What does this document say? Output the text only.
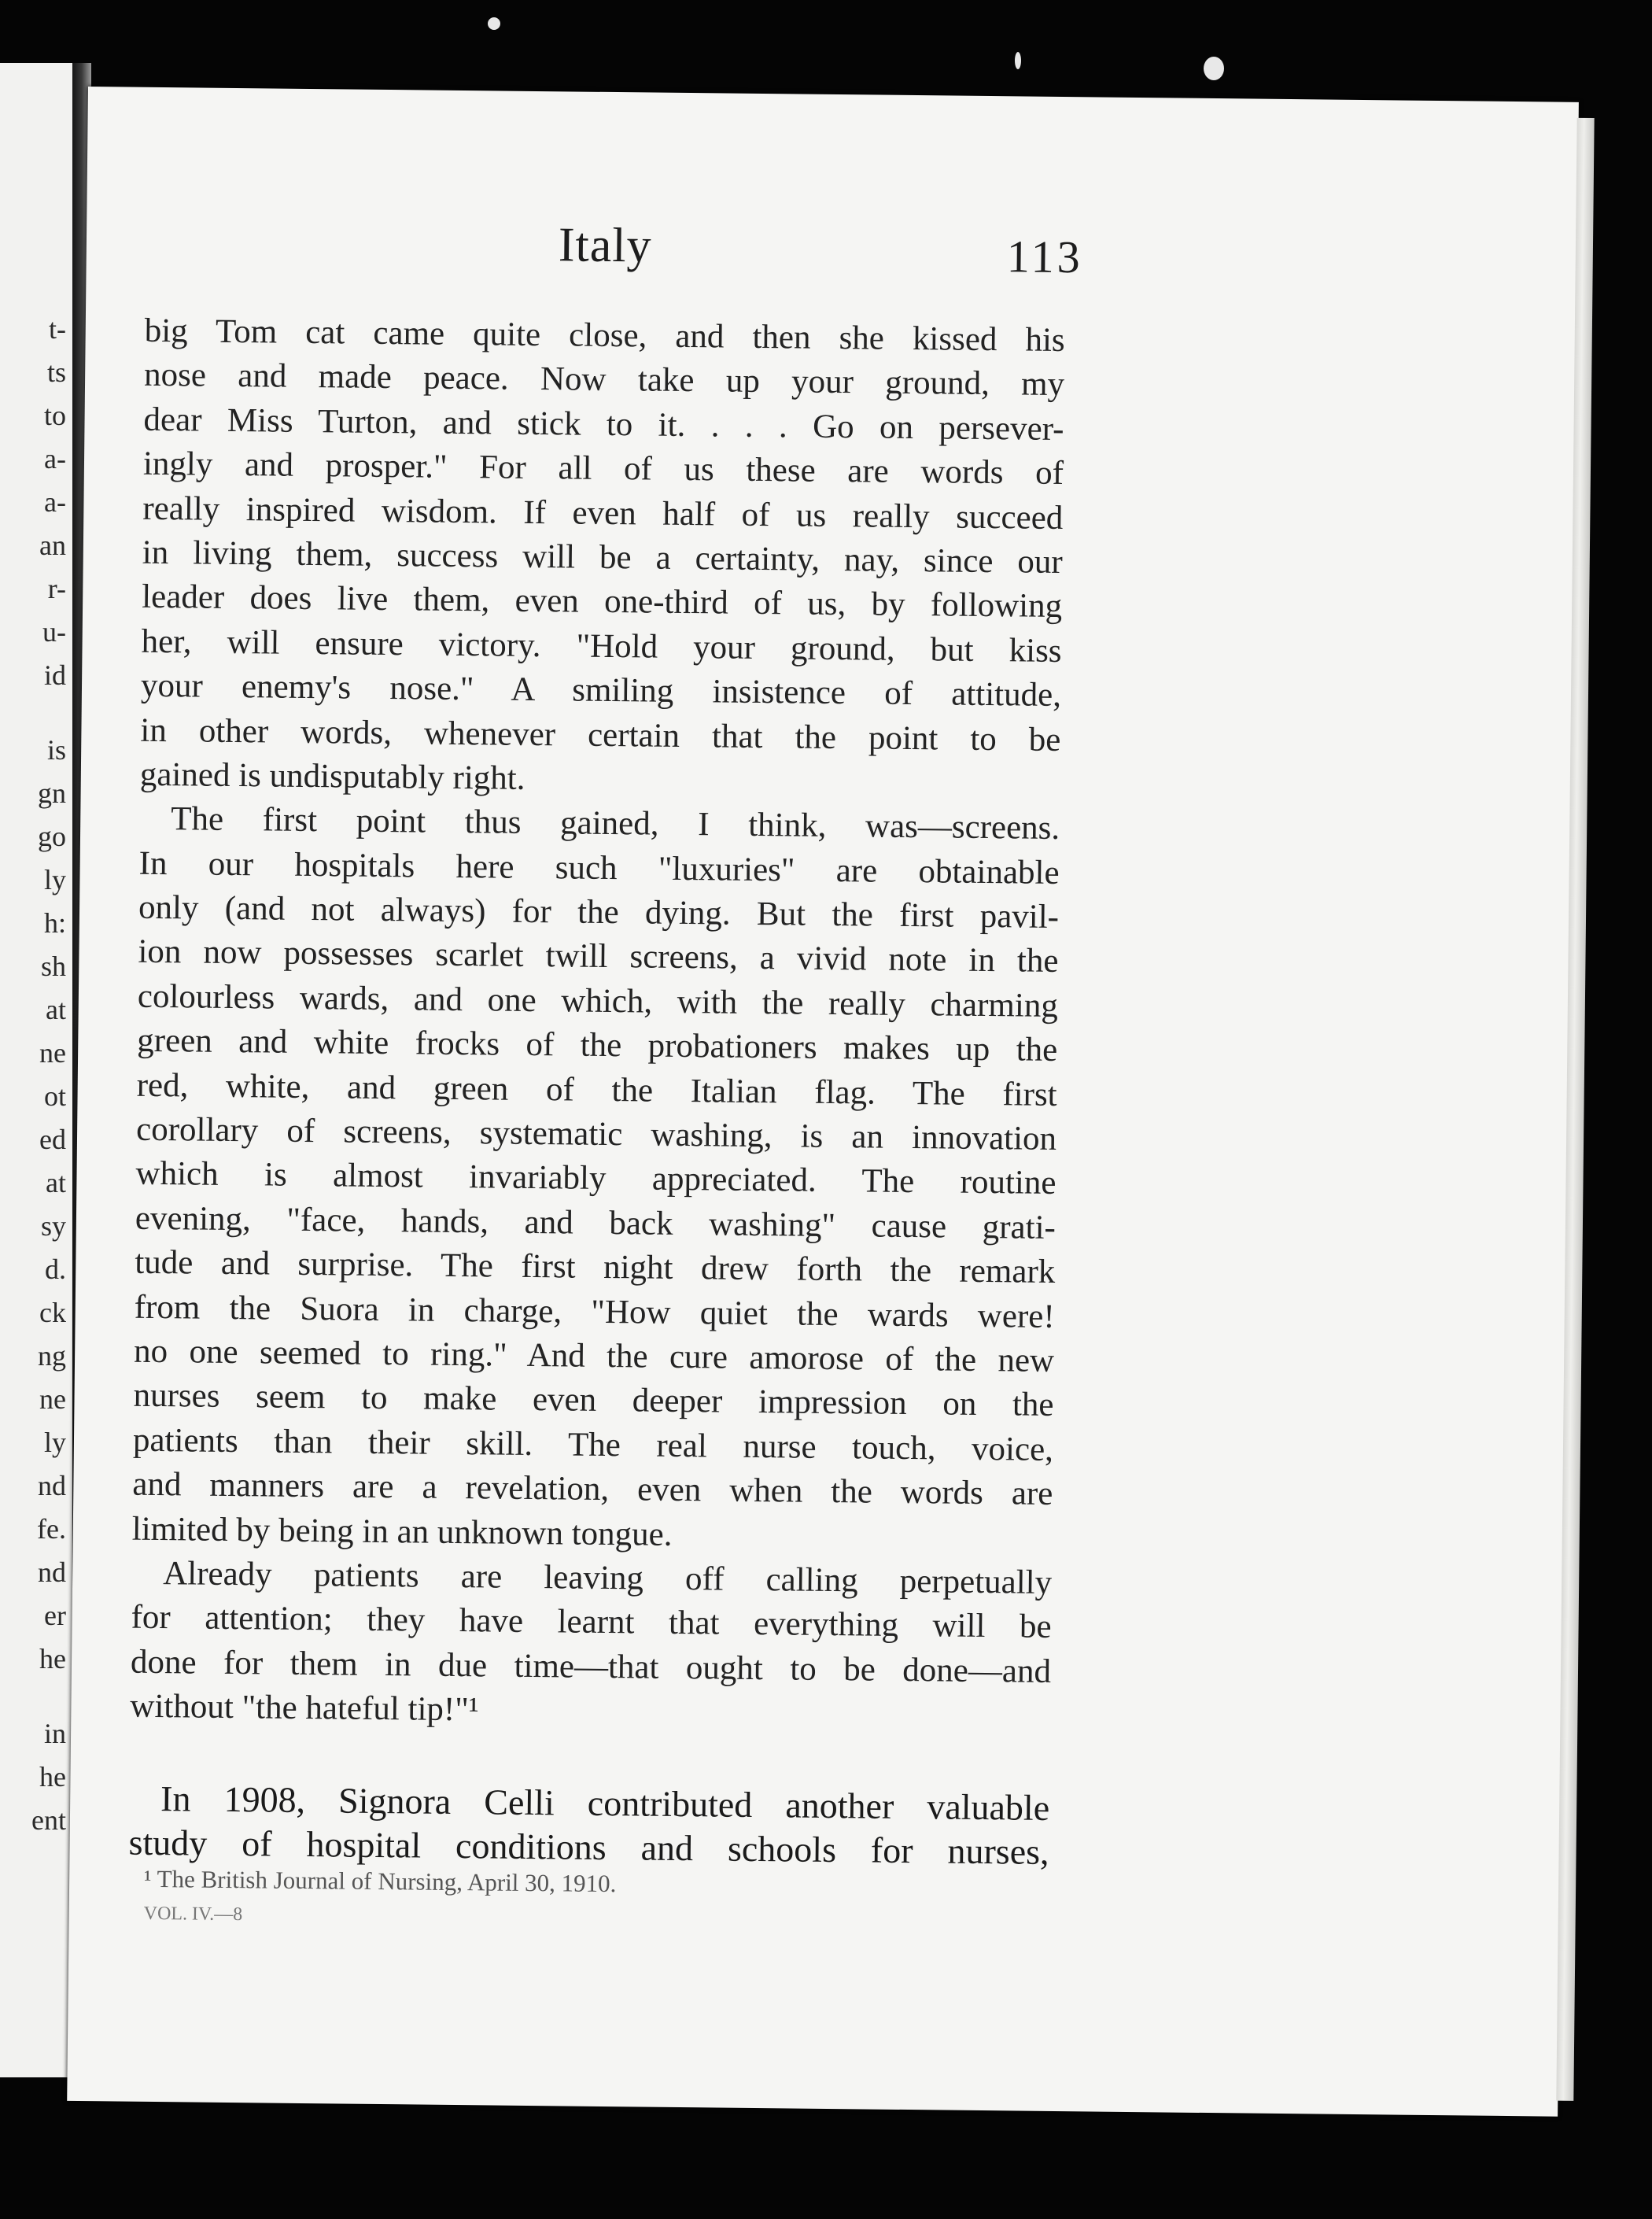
t-
ts
to
a-
a-
an
r-
u-
id
is
gn
go
ly
h:
sh
at
ne
ot
ed
at
sy
d.
ck
ng
ne
ly
nd
fe.
nd
er
he
in
he
ent
Italy	113
big Tom cat came quite close, and then she kissed his
nose and made peace. Now take up your ground, my
dear Miss Turton, and stick to it. . . . Go on persever-
ingly and prosper." For all of us these are words of
really inspired wisdom. If even half of us really succeed
in living them, success will be a certainty, nay, since our
leader does live them, even one-third of us, by following
her, will ensure victory. "Hold your ground, but kiss
your enemy's nose." A smiling insistence of attitude,
in other words, whenever certain that the point to be
gained is undisputably right.
The first point thus gained, I think, was—screens.
In our hospitals here such "luxuries" are obtainable
only (and not always) for the dying. But the first pavil-
ion now possesses scarlet twill screens, a vivid note in the
colourless wards, and one which, with the really charming
green and white frocks of the probationers makes up the
red, white, and green of the Italian flag. The first
corollary of screens, systematic washing, is an innovation
which is almost invariably appreciated. The routine
evening, "face, hands, and back washing" cause grati-
tude and surprise. The first night drew forth the remark
from the Suora in charge, "How quiet the wards were!
no one seemed to ring." And the cure amorose of the new
nurses seem to make even deeper impression on the
patients than their skill. The real nurse touch, voice,
and manners are a revelation, even when the words are
limited by being in an unknown tongue.
Already patients are leaving off calling perpetually
for attention; they have learnt that everything will be
done for them in due time—that ought to be done—and
without "the hateful tip!"¹
In 1908, Signora Celli contributed another valuable
study of hospital conditions and schools for nurses,
¹ The British Journal of Nursing, April 30, 1910.
VOL. IV.—8
